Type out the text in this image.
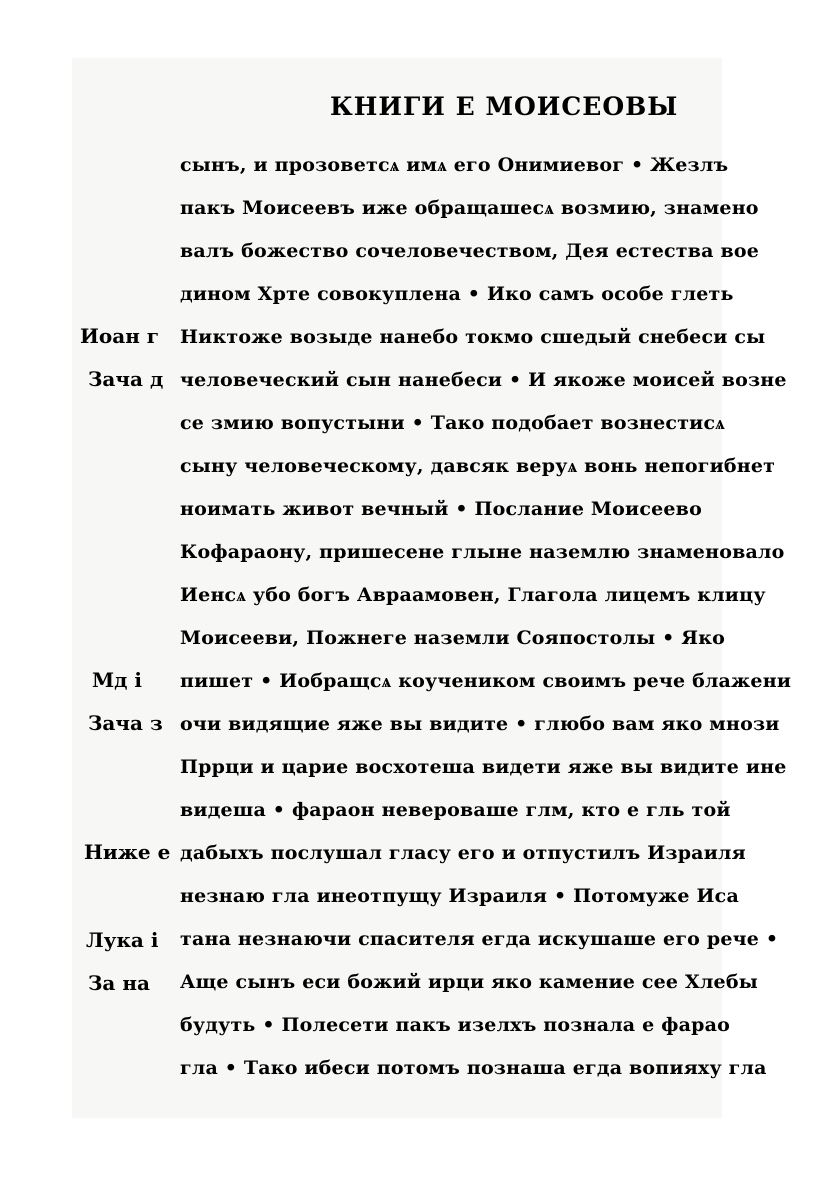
КНИГИ Е МОИСЕОВЫ
сынъ, и прозоветсѧ имѧ его Онимиевог • Жезлъ
пакъ Моисеевъ иже обращашесѧ возмию, знамено
валъ божество сочеловечеством, Дея естества вое
дином Хрте совокуплена • Ико самъ особе глеть
Никтоже возыде нанебо токмо сшедый снебеси сы
человеческий сын нанебеси • И якоже моисей возне
се змию вопустыни • Тако подобает вознестисѧ
сыну человеческому, давсяк веруѧ вонь непогибнет
ноимать живот вечный • Послание Моисеево
Кофараону, пришесене глыне наземлю знаменовало
Иенсѧ убо богъ Авраамовен, Глагола лицемъ клицу
Моисееви, Пожнеге наземли Сояпостолы • Яко
пишет • Иобращсѧ коучеником своимъ рече блажени
очи видящие яже вы видите • глюбо вам яко мнози
Пррци и царие восхотеша видети яже вы видите ине
видеша • фараон невероваше глм, кто е гль той
дабыхъ послушал гласу его и отпустилъ Израиля
незнаю гла инеотпущу Израиля • Потомуже Иса
тана незнаючи спасителя егда искушаше его рече •
Аще сынъ еси божий ирци яко камение сее Хлебы
будуть • Полесети пакъ изелхъ познала е фарао
гла • Тако ибеси потомъ познаша егда вопияху гла
Иоан г
Зача д
Мд і
Зача з
Ниже е
Лука і
За на
